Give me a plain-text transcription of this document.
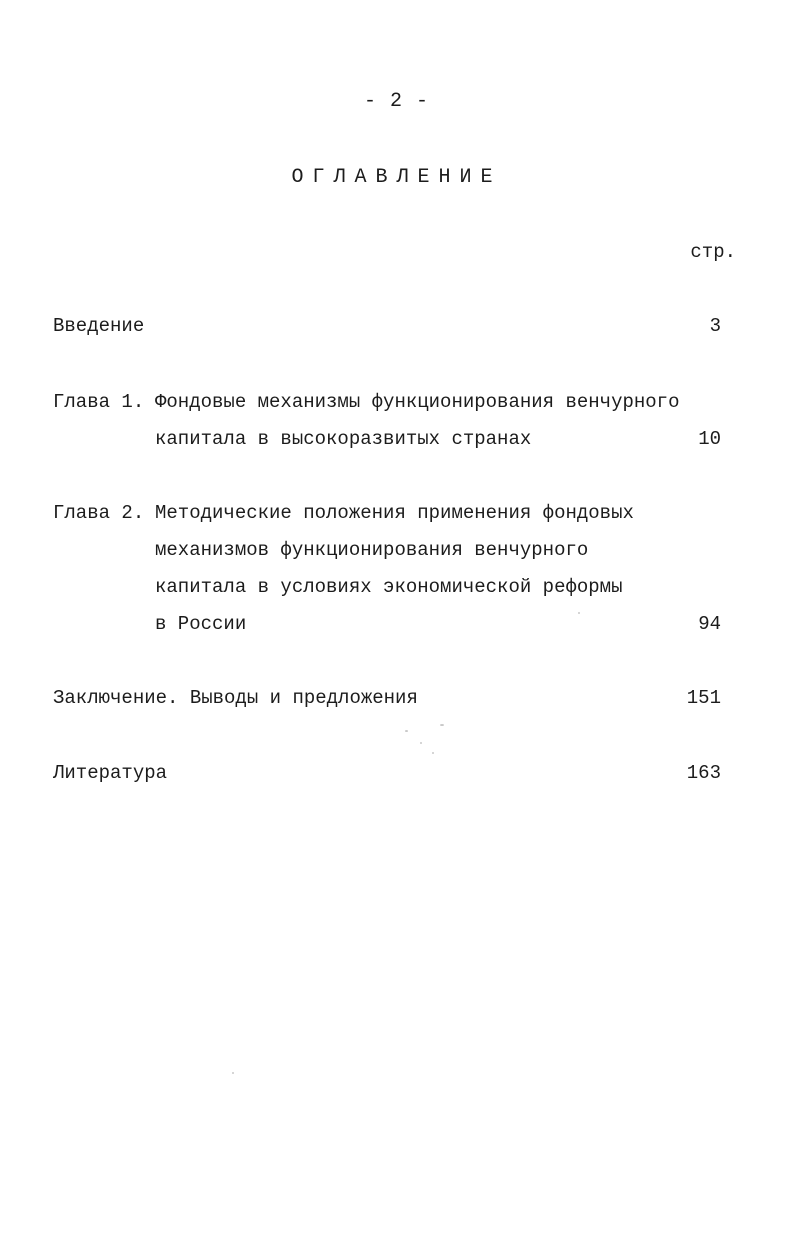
- 2 -
ОГЛАВЛЕНИЕ
стр.
Введение	3
Глава 1. Фондовые механизмы функционирования венчурного
капитала в высокоразвитых странах	10
Глава 2. Методические положения применения фондовых
механизмов функционирования венчурного
капитала в условиях экономической реформы
в России	94
Заключение. Выводы и предложения	151
Литература	163
